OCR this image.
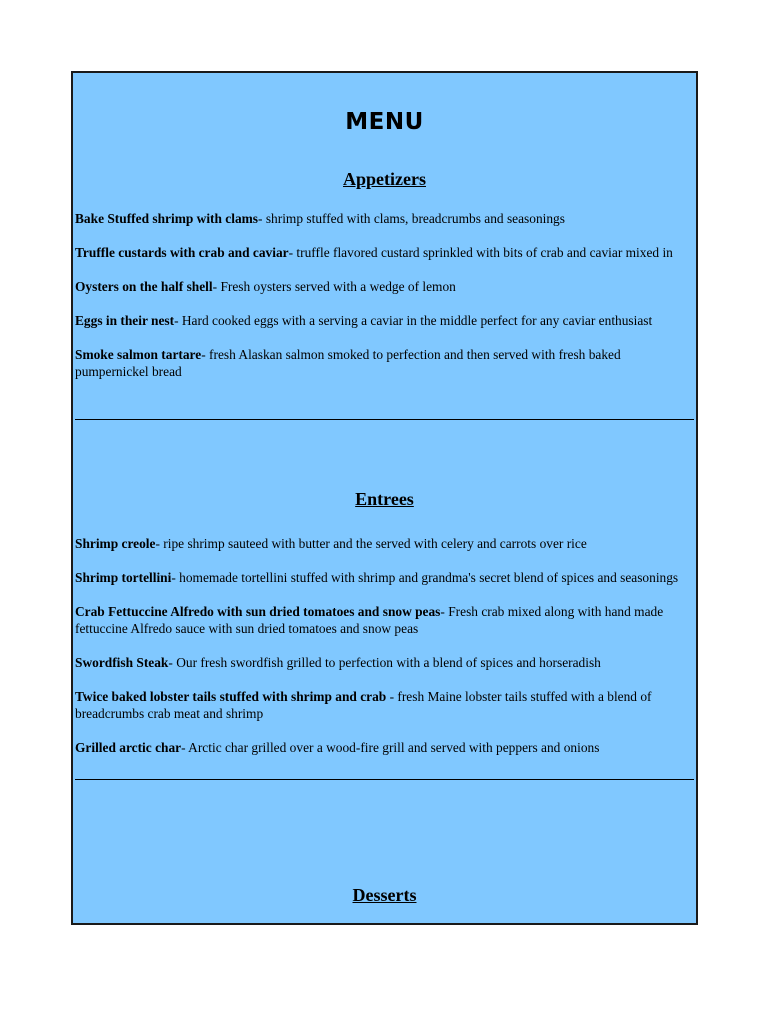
MENU
Appetizers
Bake Stuffed shrimp with clams- shrimp stuffed with clams, breadcrumbs and seasonings
Truffle custards with crab and caviar- truffle flavored custard sprinkled with bits of crab and caviar mixed in
Oysters on the half shell- Fresh oysters served with a wedge of lemon
Eggs in their nest- Hard cooked eggs with a serving a caviar in the middle perfect for any caviar enthusiast
Smoke salmon tartare- fresh Alaskan salmon smoked to perfection and then served with fresh baked pumpernickel bread
Entrees
Shrimp creole- ripe shrimp sauteed with butter and the served with celery and carrots over rice
Shrimp tortellini- homemade tortellini stuffed with shrimp and grandma's secret blend of spices and seasonings
Crab Fettuccine Alfredo with sun dried tomatoes and snow peas- Fresh crab mixed along with hand made fettuccine Alfredo sauce with sun dried tomatoes and snow peas
Swordfish Steak- Our fresh swordfish grilled to perfection with a blend of spices and horseradish
Twice baked lobster tails stuffed with shrimp and crab - fresh Maine lobster tails stuffed with a blend of breadcrumbs crab meat and shrimp
Grilled arctic char- Arctic char grilled over a wood-fire grill and served with peppers and onions
Desserts
